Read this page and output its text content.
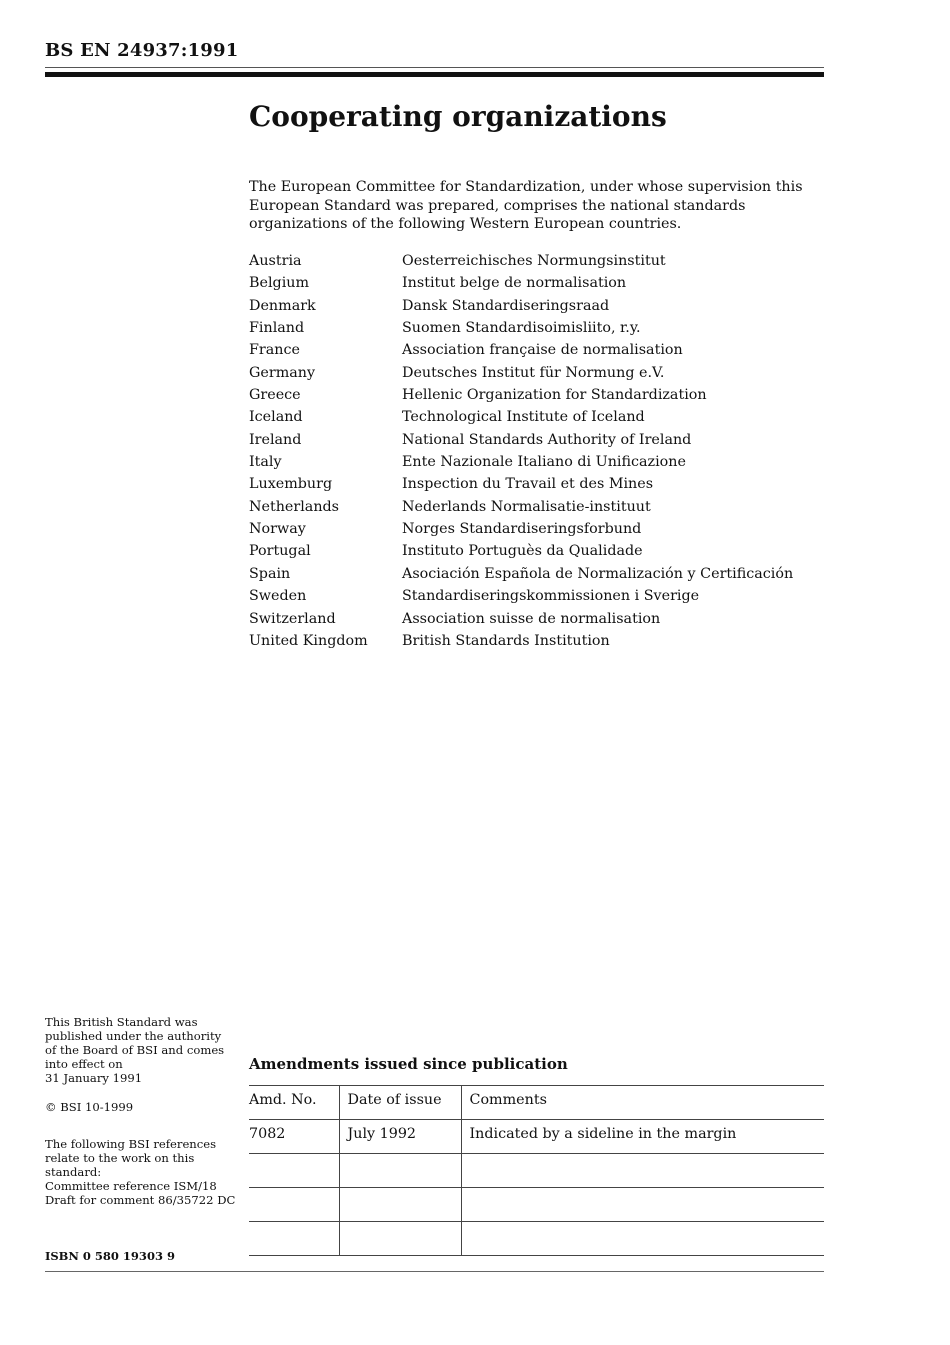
BS EN 24937:1991
Cooperating organizations

The European Committee for Standardization, under whose supervision this European Standard was prepared, comprises the national standards organizations of the following Western European countries.

Austria	Oesterreichisches Normungsinstitut
Belgium	Institut belge de normalisation
Denmark	Dansk Standardiseringsraad
Finland	Suomen Standardisoimisliito, r.y.
France	Association française de normalisation
Germany	Deutsches Institut für Normung e.V.
Greece	Hellenic Organization for Standardization
Iceland	Technological Institute of Iceland
Ireland	National Standards Authority of Ireland
Italy	Ente Nazionale Italiano di Unificazione
Luxemburg	Inspection du Travail et des Mines
Netherlands	Nederlands Normalisatie-instituut
Norway	Norges Standardiseringsforbund
Portugal	Instituto Portuguès da Qualidade
Spain	Asociación Española de Normalización y Certificación
Sweden	Standardiseringskommissionen i Sverige
Switzerland	Association suisse de normalisation
United Kingdom	British Standards Institution

This British Standard was
published under the authority
of the Board of BSI and comes
into effect on
31 January 1991

© BSI 10-1999

The following BSI references
relate to the work on this
standard:
Committee reference ISM/18
Draft for comment 86/35722 DC

ISBN 0 580 19303 9
Amendments issued since publication
Amd. No.	Date of issue	Comments
7082	July 1992	Indicated by a sideline in the margin
